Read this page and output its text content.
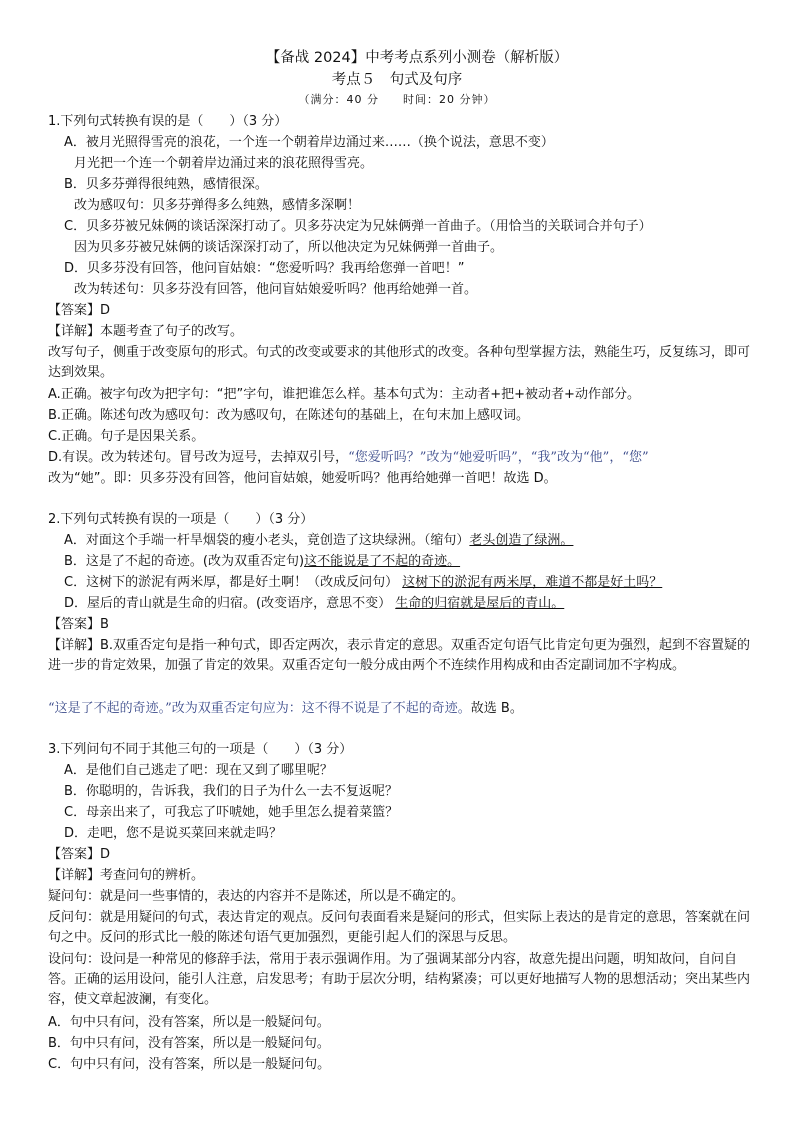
【备战 2024】中考考点系列小测卷（解析版）
考点５　句式及句序
（满分：40 分　　时间：20 分钟）
1.下列句式转换有误的是（　　）（3 分）
A．被月光照得雪亮的浪花，一个连一个朝着岸边涌过来……（换个说法，意思不变）
月光把一个连一个朝着岸边涌过来的浪花照得雪亮。
B．贝多芬弹得很纯熟，感情很深。
改为感叹句：贝多芬弹得多么纯熟，感情多深啊！
C．贝多芬被兄妹俩的谈话深深打动了。贝多芬决定为兄妹俩弹一首曲子。（用恰当的关联词合并句子）
因为贝多芬被兄妹俩的谈话深深打动了，所以他决定为兄妹俩弹一首曲子。
D．贝多芬没有回答，他问盲姑娘：“您爱听吗？我再给您弹一首吧！”
改为转述句：贝多芬没有回答，他问盲姑娘爱听吗？他再给她弹一首。
【答案】D
【详解】本题考查了句子的改写。
改写句子，侧重于改变原句的形式。句式的改变或要求的其他形式的改变。各种句型掌握方法，熟能生巧，反复练习，即可达到效果。
A.正确。被字句改为把字句：“把”字句，谁把谁怎么样。基本句式为：主动者+把+被动者+动作部分。
B.正确。陈述句改为感叹句：改为感叹句，在陈述句的基础上，在句末加上感叹词。
C.正确。句子是因果关系。
D.有误。改为转述句。冒号改为逗号，去掉双引号，“您爱听吗？”改为“她爱听吗”，“我”改为“他”，“您”
改为“她”。即：贝多芬没有回答，他问盲姑娘，她爱听吗？他再给她弹一首吧！故选 D。
2.下列句式转换有误的一项是（　　）（3 分）
A．对面这个手端一杆旱烟袋的瘦小老头，竟创造了这块绿洲。（缩句）老头创造了绿洲。
B．这是了不起的奇迹。(改为双重否定句)这不能说是了不起的奇迹。
C．这树下的淤泥有两米厚，都是好土啊！（改成反问句） 这树下的淤泥有两米厚，难道不都是好土吗？
D．屋后的青山就是生命的归宿。(改变语序，意思不变） 生命的归宿就是屋后的青山。
【答案】B
【详解】B.双重否定句是指一种句式，即否定两次，表示肯定的意思。双重否定句语气比肯定句更为强烈，起到不容置疑的进一步的肯定效果，加强了肯定的效果。双重否定句一般分成由两个不连续作用构成和由否定副词加不字构成。
“这是了不起的奇迹。”改为双重否定句应为：这不得不说是了不起的奇迹。故选 B。
3.下列问句不同于其他三句的一项是（　　）（3 分）
A．是他们自己逃走了吧：现在又到了哪里呢？
B．你聪明的，告诉我，我们的日子为什么一去不复返呢？
C．母亲出来了，可我忘了吓唬她，她手里怎么提着菜篮？
D．走吧，您不是说买菜回来就走吗？
【答案】D
【详解】考查问句的辨析。
疑问句：就是问一些事情的，表达的内容并不是陈述，所以是不确定的。
反问句：就是用疑问的句式，表达肯定的观点。反问句表面看来是疑问的形式，但实际上表达的是肯定的意思，答案就在问句之中。反问的形式比一般的陈述句语气更加强烈，更能引起人们的深思与反思。
设问句：设问是一种常见的修辞手法，常用于表示强调作用。为了强调某部分内容，故意先提出问题，明知故问，自问自答。正确的运用设问，能引人注意，启发思考；有助于层次分明，结构紧凑；可以更好地描写人物的思想活动；突出某些内容，使文章起波澜，有变化。
A．句中只有问，没有答案，所以是一般疑问句。
B．句中只有问，没有答案，所以是一般疑问句。
C．句中只有问，没有答案，所以是一般疑问句。
